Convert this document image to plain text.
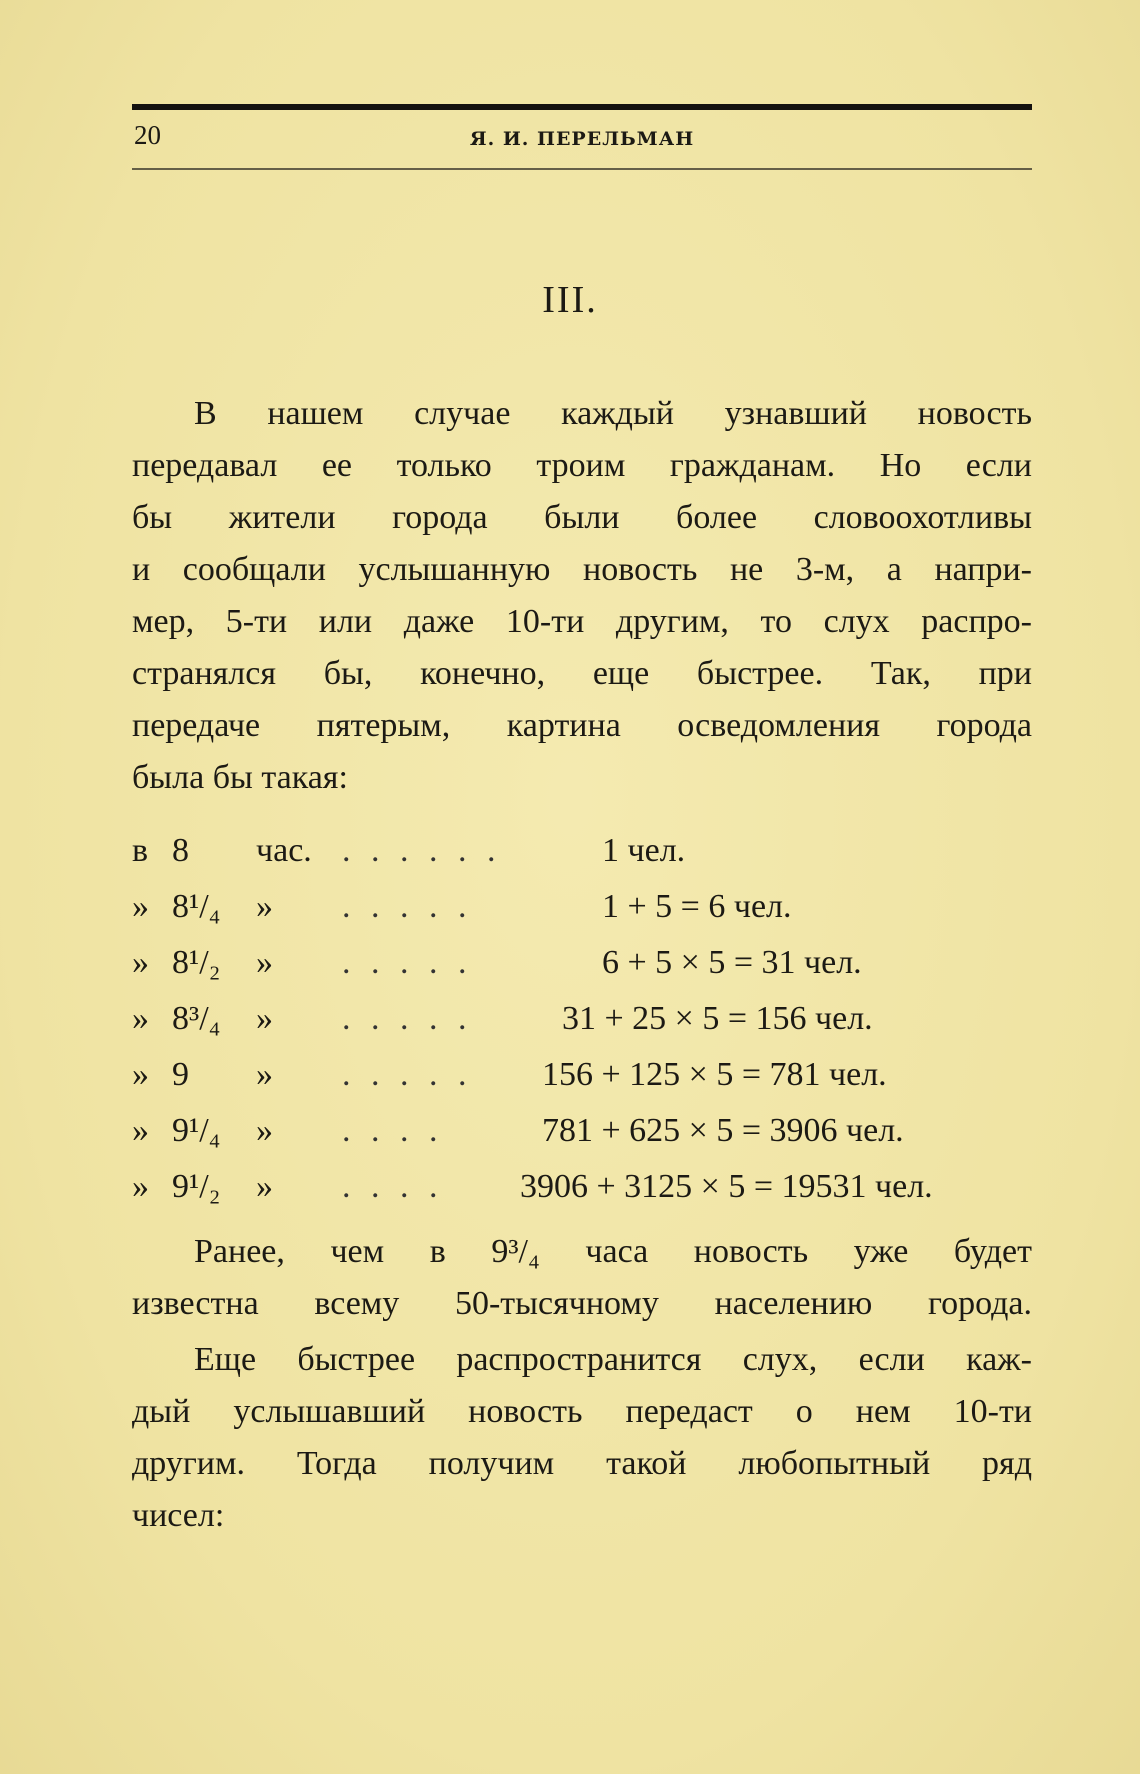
20	Я. И. ПЕРЕЛЬМАН
III.
В нашем случае каждый узнавший новость
передавал ее только троим гражданам. Но если
бы жители города были более словоохотливы
и сообщали услышанную новость не 3-м, а напри-
мер, 5-ти или даже 10-ти другим, то слух распро-
странялся бы, конечно, еще быстрее. Так, при
передаче пятерым, картина осведомления города
была бы такая:
в 8 час. . . . . . .	1 чел.
» 8¹/₄ » . . . . .	1 + 5 = 6 чел.
» 8¹/₂ » . . . . .	6 + 5 × 5 = 31 чел.
» 8³/₄ » . . . . .	31 + 25 × 5 = 156 чел.
» 9 » . . . . . 156 + 125 × 5 = 781 чел.
» 9¹/₄ » . . . .	781 + 625 × 5 = 3906 чел.
» 9¹/₂ » . . . . 3906 + 3125 × 5 = 19531 чел.
Ранее, чем в 9³/₄ часа новость уже будет
известна всему 50-тысячному населению города.
Еще быстрее распространится слух, если каж-
дый услышавший новость передаст о нем 10-ти
другим. Тогда получим такой любопытный ряд
чисел:
